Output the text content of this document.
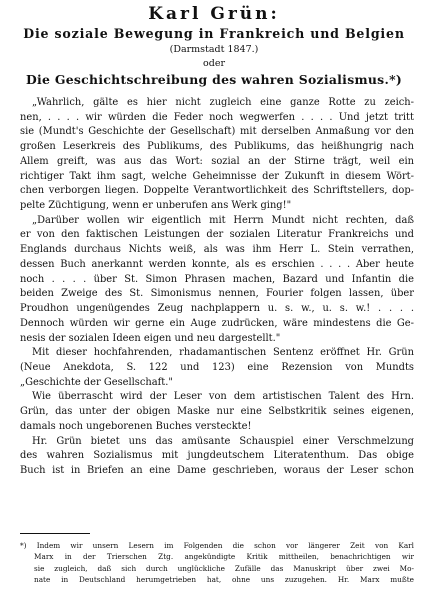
Karl Grün:
Die soziale Bewegung in Frankreich und Belgien
(Darmstadt 1847.)
oder
Die Geschichtschreibung des wahren Sozialismus.*)
„Wahrlich, gälte es hier nicht zugleich eine ganze Rotte zu zeich-
nen, . . . . wir würden die Feder noch wegwerfen . . . . Und jetzt tritt
sie (Mundt's Geschichte der Gesellschaft) mit derselben Anmaßung vor den
großen Leserkreis des Publikums, des Publikums, das heißhungrig nach
Allem greift, was aus das Wort: sozial an der Stirne trägt, weil ein
richtiger Takt ihm sagt, welche Geheimnisse der Zukunft in diesem Wört-
chen verborgen liegen. Doppelte Verantwortlichkeit des Schriftstellers, dop-
pelte Züchtigung, wenn er unberufen ans Werk ging!"
„Darüber wollen wir eigentlich mit Herrn Mundt nicht rechten, daß
er von den faktischen Leistungen der sozialen Literatur Frankreichs und
Englands durchaus Nichts weiß, als was ihm Herr L. Stein verrathen,
dessen Buch anerkannt werden konnte, als es erschien . . . . Aber heute
noch . . . . über St. Simon Phrasen machen, Bazard und Infantin die
beiden Zweige des St. Simonismus nennen, Fourier folgen lassen, über
Proudhon ungenügendes Zeug nachplappern u. s. w., u. s. w.! . . . .
Dennoch würden wir gerne ein Auge zudrücken, wäre mindestens die Ge-
nesis der sozialen Ideen eigen und neu dargestellt."
Mit dieser hochfahrenden, rhadamantischen Sentenz eröffnet Hr. Grün
(Neue Anekdota, S. 122 und 123) eine Rezension von Mundts
„Geschichte der Gesellschaft."
Wie überrascht wird der Leser von dem artistischen Talent des Hrn.
Grün, das unter der obigen Maske nur eine Selbstkritik seines eigenen,
damals noch ungeborenen Buches versteckte!
Hr. Grün bietet uns das amüsante Schauspiel einer Verschmelzung
des wahren Sozialismus mit jungdeutschem Literatenthum. Das obige
Buch ist in Briefen an eine Dame geschrieben, woraus der Leser schon
*) Indem wir unsern Lesern im Folgenden die schon vor längerer Zeit von Karl
Marx in der Trierschen Ztg. angekündigte Kritik mittheilen, benachrichtigen wir
sie zugleich, daß sich durch unglückliche Zufälle das Manuskript über zwei Mo-
nate in Deutschland herumgetrieben hat, ohne uns zuzugehen. Hr. Marx mußte
